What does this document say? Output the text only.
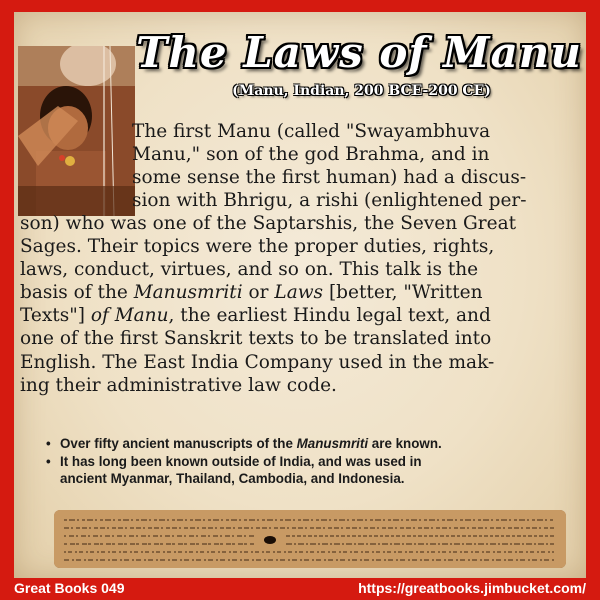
The Laws of Manu
(Manu, Indian, 200 BCE-200 CE)
The first Manu (called "Swayambhuva
Manu," son of the god Brahma, and in
some sense the first human) had a discus-
sion with Bhrigu, a rishi (enlightened per-
son) who was one of the Saptarshis, the Seven Great
Sages. Their topics were the proper duties, rights,
laws, conduct, virtues, and so on. This talk is the
basis of the Manusmriti or Laws [better, "Written
Texts"] of Manu, the earliest Hindu legal text, and
one of the first Sanskrit texts to be translated into
English. The East India Company used in the mak-
ing their administrative law code.
• Over fifty ancient manuscripts of the Manusmriti are known.
• It has long been known outside of India, and was used in
ancient Myanmar, Thailand, Cambodia, and Indonesia.
Great Books 049	https://greatbooks.jimbucket.com/
